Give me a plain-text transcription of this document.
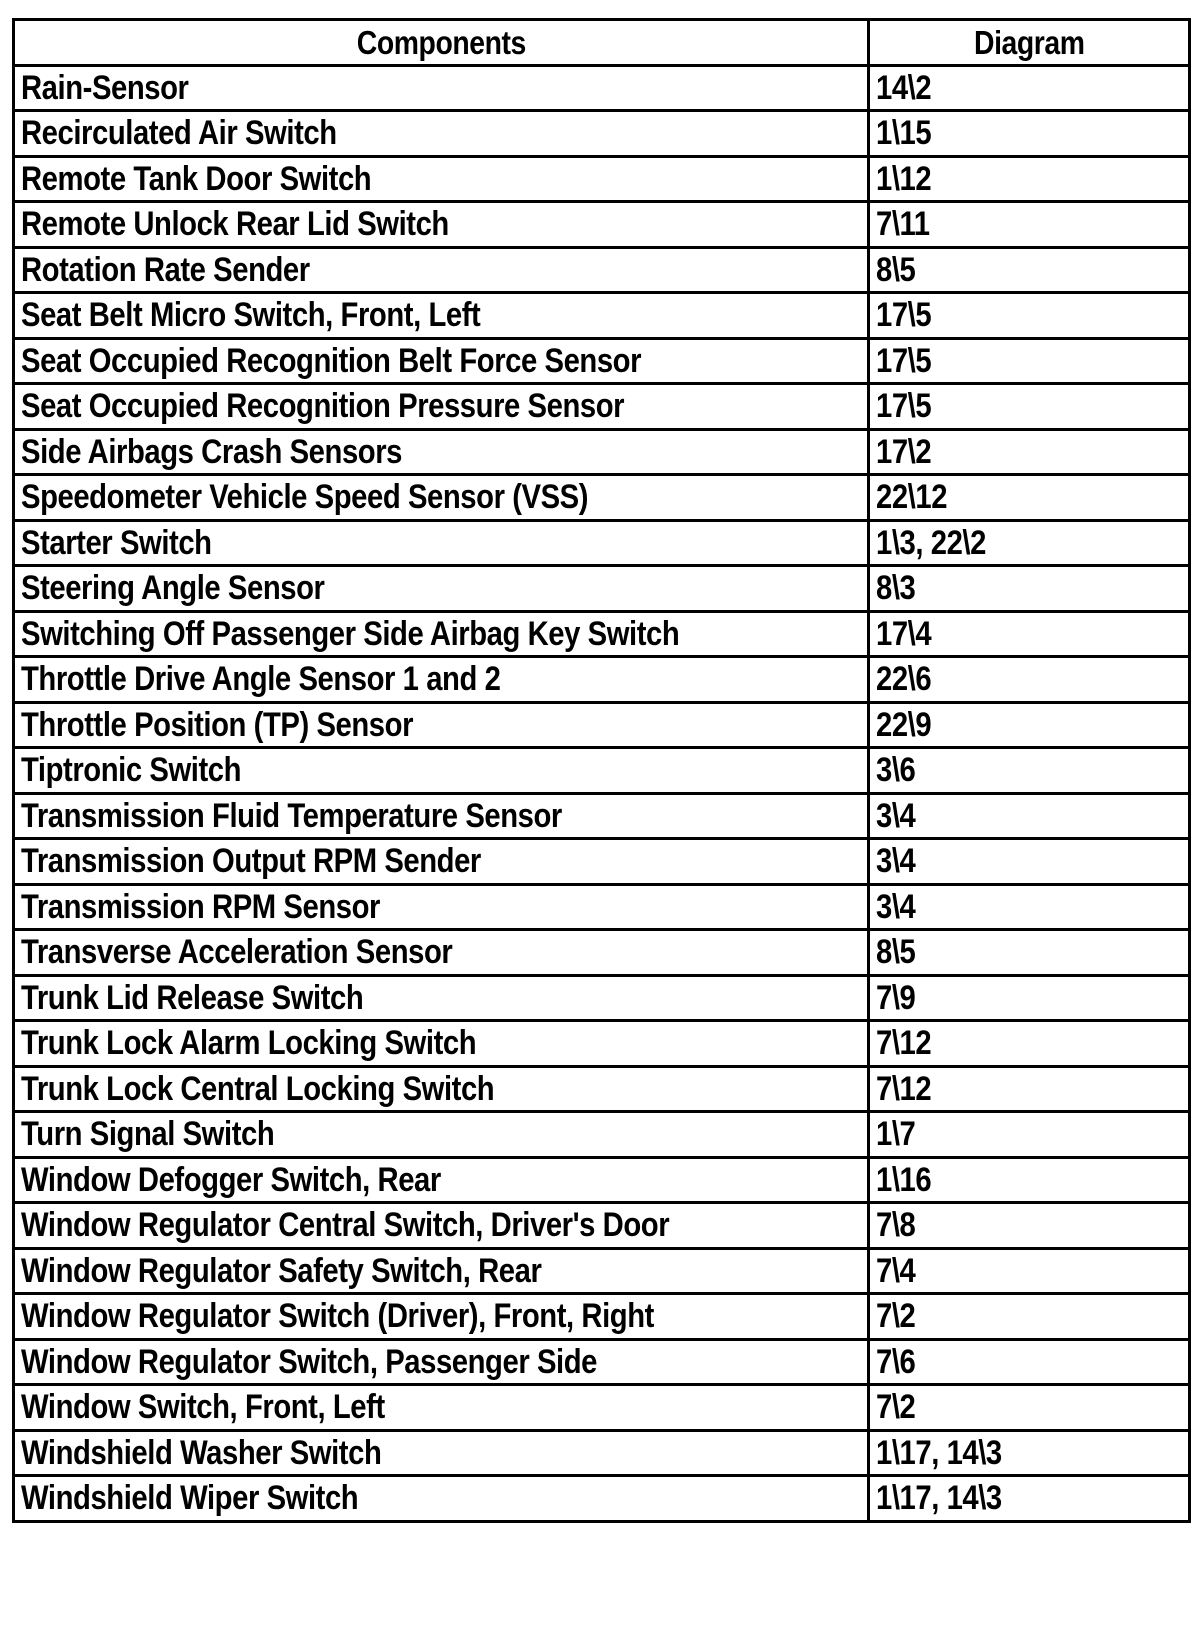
Components	Diagram
Rain-Sensor	14\2
Recirculated Air Switch	1\15
Remote Tank Door Switch	1\12
Remote Unlock Rear Lid Switch	7\11
Rotation Rate Sender	8\5
Seat Belt Micro Switch, Front, Left	17\5
Seat Occupied Recognition Belt Force Sensor	17\5
Seat Occupied Recognition Pressure Sensor	17\5
Side Airbags Crash Sensors	17\2
Speedometer Vehicle Speed Sensor (VSS)	22\12
Starter Switch	1\3, 22\2
Steering Angle Sensor	8\3
Switching Off Passenger Side Airbag Key Switch	17\4
Throttle Drive Angle Sensor 1 and 2	22\6
Throttle Position (TP) Sensor	22\9
Tiptronic Switch	3\6
Transmission Fluid Temperature Sensor	3\4
Transmission Output RPM Sender	3\4
Transmission RPM Sensor	3\4
Transverse Acceleration Sensor	8\5
Trunk Lid Release Switch	7\9
Trunk Lock Alarm Locking Switch	7\12
Trunk Lock Central Locking Switch	7\12
Turn Signal Switch	1\7
Window Defogger Switch, Rear	1\16
Window Regulator Central Switch, Driver's Door	7\8
Window Regulator Safety Switch, Rear	7\4
Window Regulator Switch (Driver), Front, Right	7\2
Window Regulator Switch, Passenger Side	7\6
Window Switch, Front, Left	7\2
Windshield Washer Switch	1\17, 14\3
Windshield Wiper Switch	1\17, 14\3
